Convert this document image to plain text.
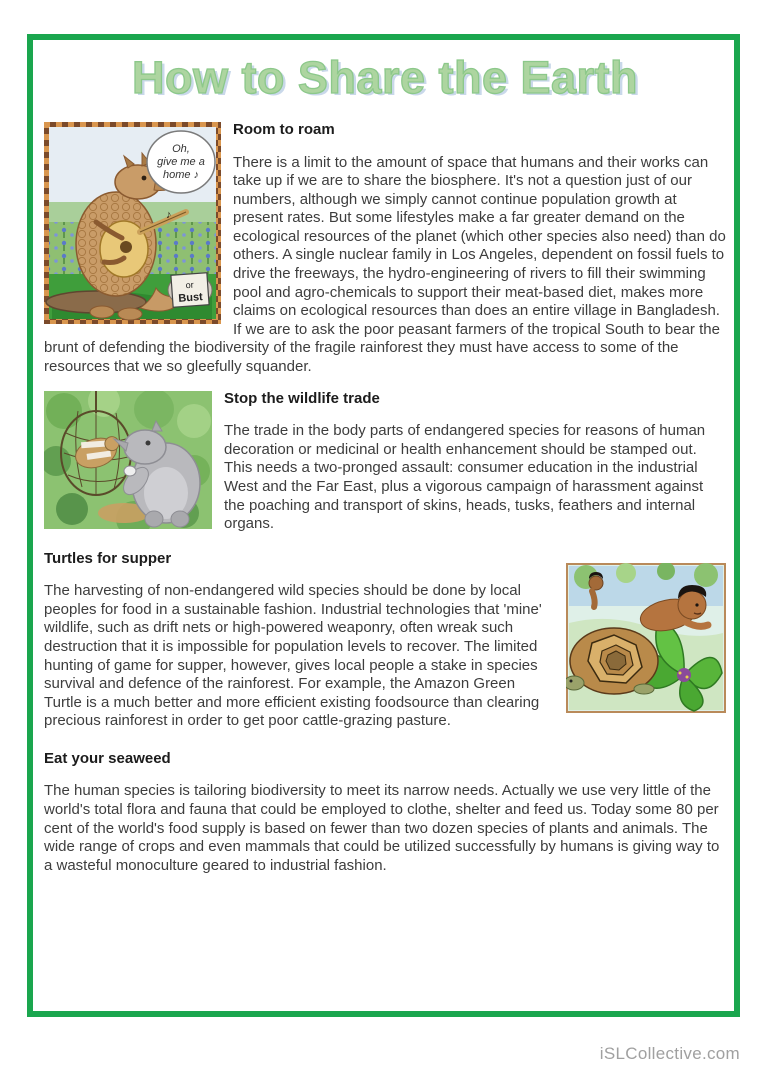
How to Share the Earth
♪
Oh,
give me a
home ♪
or
Bust
Room to roam

There is a limit to the amount of space that humans and their works can take up if we are to share the biosphere. It's not a question just of our numbers, although we simply cannot continue population growth at present rates. But some lifestyles make a far greater demand on the ecological resources of the planet (which other species also need) than do others. A single nuclear family in Los Angeles, dependent on fossil fuels to drive the freeways, the hydro-engineering of rivers to fill their swimming pool and agro-chemicals to support their meat-based diet, makes more claims on ecological resources than does an entire village in Bangladesh. If we are to ask the poor peasant farmers of the tropical South to bear the brunt of defending the biodiversity of the fragile rainforest they must have access to some of the resources that we so gleefully squander.

Stop the wildlife trade

The trade in the body parts of endangered species for reasons of human decoration or medicinal or health enhancement should be stamped out. This needs a two-pronged assault: consumer education in the industrial West and the Far East, plus a vigorous campaign of harassment against the poaching and transport of skins, heads, tusks, feathers and internal organs.

Turtles for supper

The harvesting of non-endangered wild species should be done by local peoples for food in a sustainable fashion. Industrial technologies that 'mine' wildlife, such as drift nets or high-powered weaponry, often wreak such destruction that it is impossible for population levels to recover. The limited hunting of game for supper, however, gives local people a stake in species survival and defence of the rainforest. For example, the Amazon Green Turtle is a much better and more efficient existing foodsource than clearing precious rainforest in order to get poor cattle-grazing pasture.

Eat your seaweed

The human species is tailoring biodiversity to meet its narrow needs. Actually we use very little of the world's total flora and fauna that could be employed to clothe, shelter and feed us. Today some 80 per cent of the world's food supply is based on fewer than two dozen species of plants and animals. The wide range of crops and even mammals that could be utilized successfully by humans is giving way to a wasteful monoculture geared to industrial fashion.

iSLCollective.com
